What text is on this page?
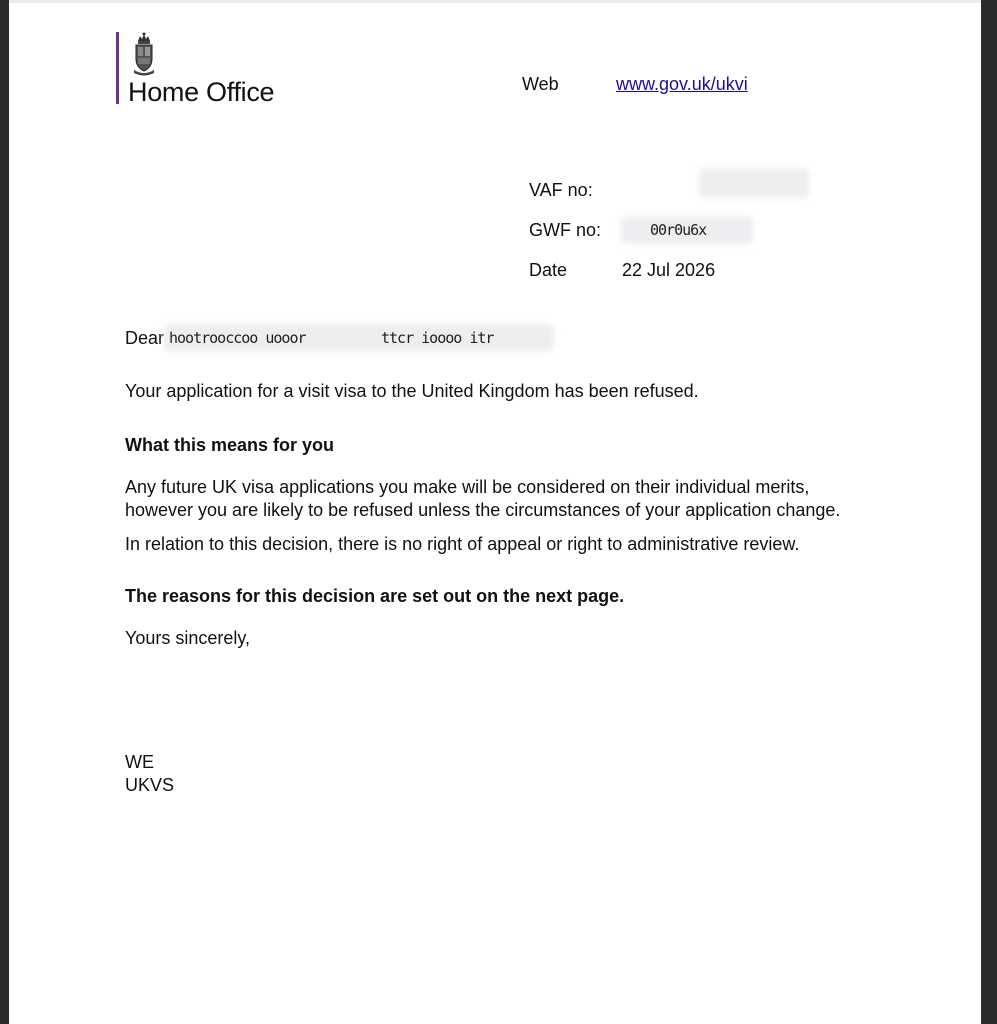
Home Office	Web	www.gov.uk/ukvi
VAF no:
GWF no:	00r0u6x
Date	22 Jul 2026
Dear hootrooccoo uooor	ttcr ioooo itr
Your application for a visit visa to the United Kingdom has been refused.
What this means for you
Any future UK visa applications you make will be considered on their individual merits,
however you are likely to be refused unless the circumstances of your application change.
In relation to this decision, there is no right of appeal or right to administrative review.
The reasons for this decision are set out on the next page.
Yours sincerely,
WE
UKVS
